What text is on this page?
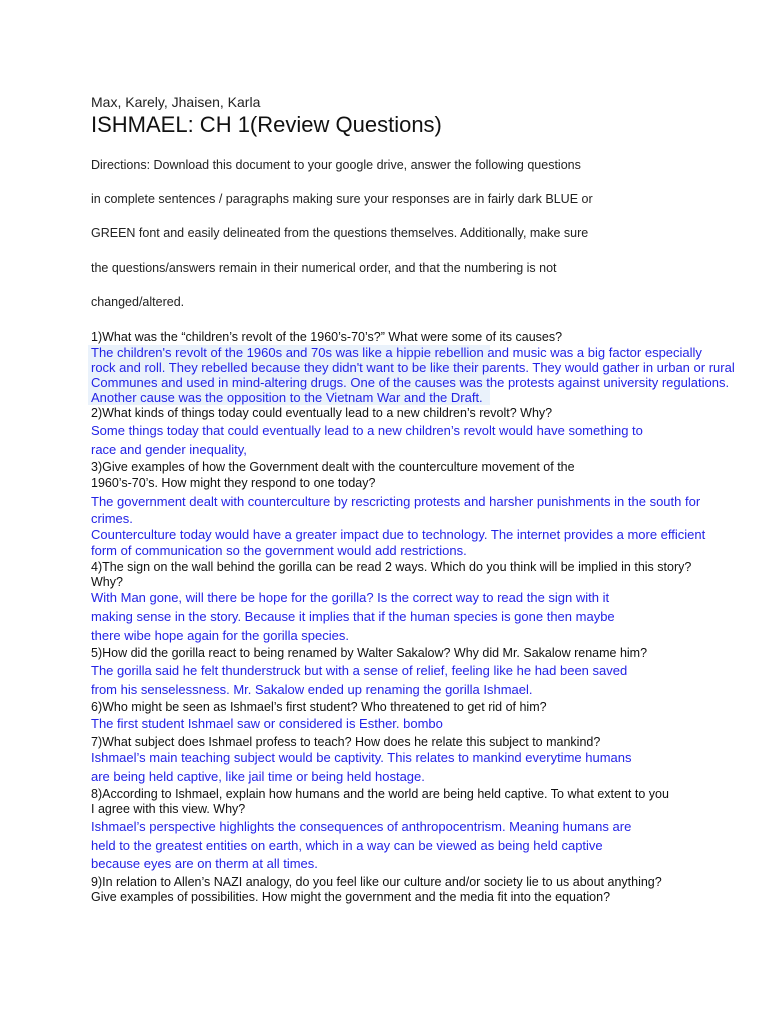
Max, Karely, Jhaisen, Karla
ISHMAEL: CH 1(Review Questions)
Directions: Download this document to your google drive, answer the following questions
in complete sentences / paragraphs making sure your responses are in fairly dark BLUE or
GREEN font and easily delineated from the questions themselves. Additionally, make sure
the questions/answers remain in their numerical order, and that the numbering is not
changed/altered.
1)What was the “children’s revolt of the 1960’s-70’s?” What were some of its causes?
The children's revolt of the 1960s and 70s was like a hippie rebellion and music was a big factor especially
rock and roll. They rebelled because they didn't want to be like their parents. They would gather in urban or rural
Communes and used in mind-altering drugs. One of the causes was the protests against university regulations.
Another cause was the opposition to the Vietnam War and the Draft.
2)What kinds of things today could eventually lead to a new children’s revolt? Why?
Some things today that could eventually lead to a new children’s revolt would have something to
race and gender inequality,
3)Give examples of how the Government dealt with the counterculture movement of the
1960’s-70’s. How might they respond to one today?
The government dealt with counterculture by rescricting protests and harsher punishments in the south for
crimes.
Counterculture today would have a greater impact due to technology. The internet provides a more efficient
form of communication so the government would add restrictions.
4)The sign on the wall behind the gorilla can be read 2 ways. Which do you think will be implied in this story?
Why?
With Man gone, will there be hope for the gorilla? Is the correct way to read the sign with it
making sense in the story. Because it implies that if the human species is gone then maybe
there wibe hope again for the gorilla species.
5)How did the gorilla react to being renamed by Walter Sakalow? Why did Mr. Sakalow rename him?
The gorilla said he felt thunderstruck but with a sense of relief, feeling like he had been saved
from his senselessness. Mr. Sakalow ended up renaming the gorilla Ishmael.
6)Who might be seen as Ishmael’s first student? Who threatened to get rid of him?
The first student Ishmael saw or considered is Esther. bombo
7)What subject does Ishmael profess to teach? How does he relate this subject to mankind?
Ishmael’s main teaching subject would be captivity. This relates to mankind everytime humans
are being held captive, like jail time or being held hostage.
8)According to Ishmael, explain how humans and the world are being held captive. To what extent to you
I agree with this view. Why?
Ishmael’s perspective highlights the consequences of anthropocentrism. Meaning humans are
held to the greatest entities on earth, which in a way can be viewed as being held captive
because eyes are on therm at all times.
9)In relation to Allen’s NAZI analogy, do you feel like our culture and/or society lie to us about anything?
Give examples of possibilities. How might the government and the media fit into the equation?
